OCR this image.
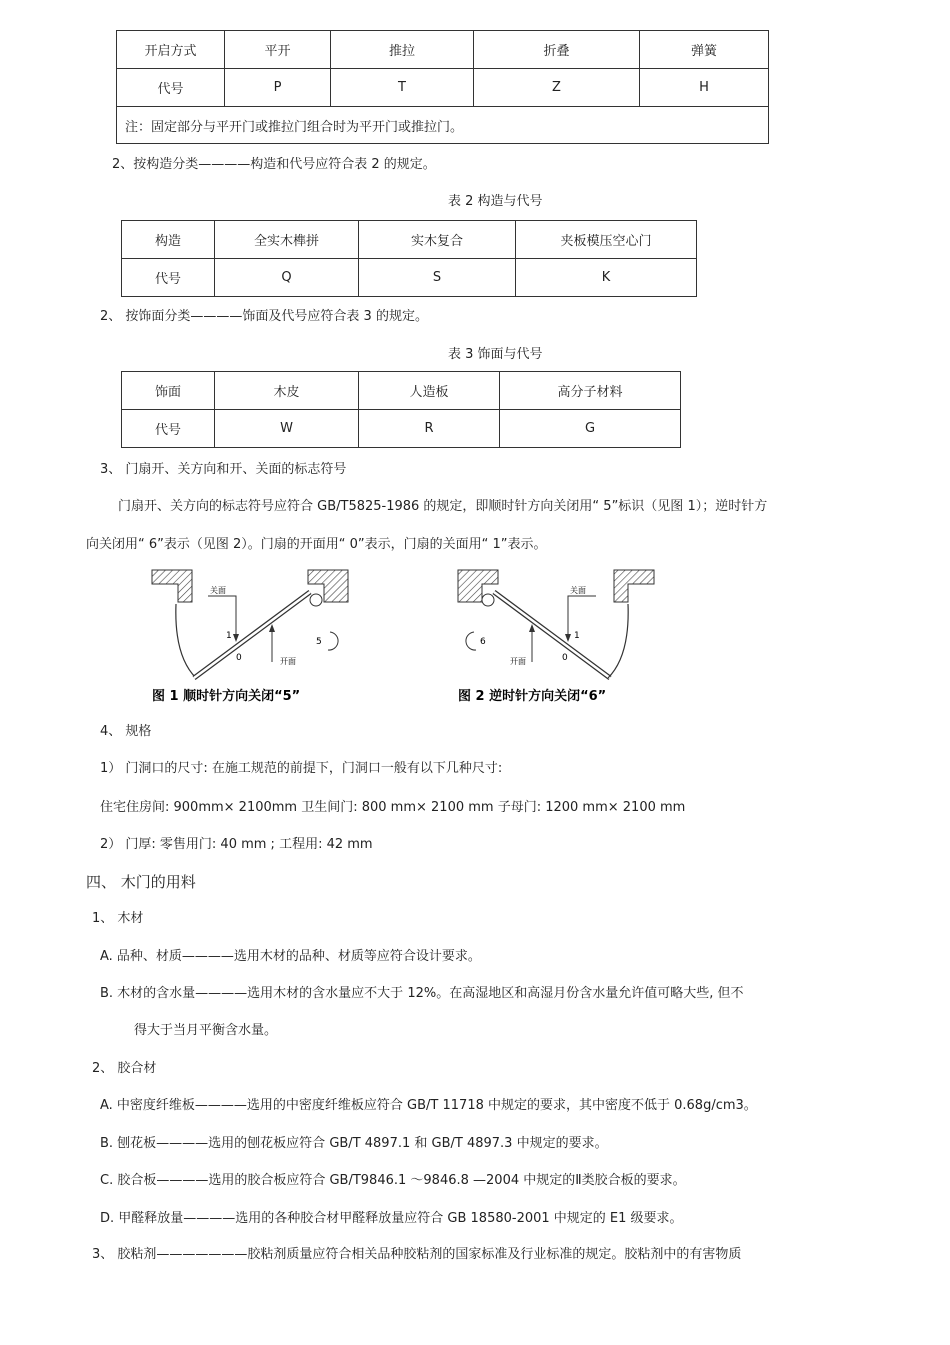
开启方式	平开	推拉	折叠	弹簧
代号	P	T	Z	H
注：固定部分与平开门或推拉门组合时为平开门或推拉门。				
2、按构造分类————构造和代号应符合表 2 的规定。
表 2 构造与代号
构造	全实木榫拼	实木复合	夹板模压空心门
代号	Q	S	K
2、 按饰面分类————饰面及代号应符合表 3 的规定。
表 3 饰面与代号
饰面	木皮	人造板	高分子材料
代号	W	R	G
3、 门扇开、关方向和开、关面的标志符号
门扇开、关方向的标志符号应符合 GB/T5825-1986 的规定，即顺时针方向关闭用“ 5”标识（见图 1）；逆时针方
向关闭用“ 6”表示（见图 2）。门扇的开面用“ 0”表示，门扇的关面用“ 1”表示。
关面
1
0	开面
5
图 1 顺时针方向关闭“5”
关面
1
0
开面
6
图 2 逆时针方向关闭“6”
4、 规格
1） 门洞口的尺寸: 在施工规范的前提下，门洞口一般有以下几种尺寸:
住宅住房间: 900mm× 2100mm 卫生间门: 800 mm× 2100 mm 子母门: 1200 mm× 2100 mm
2） 门厚: 零售用门: 40 mm ; 工程用: 42 mm
四、 木门的用料
1、 木材
A. 品种、材质————选用木材的品种、材质等应符合设计要求。
B. 木材的含水量————选用木材的含水量应不大于 12%。在高湿地区和高湿月份含水量允许值可略大些, 但不
得大于当月平衡含水量。
2、 胶合材
A. 中密度纤维板————选用的中密度纤维板应符合 GB/T 11718 中规定的要求，其中密度不低于 0.68g/cm3。
B. 刨花板————选用的刨花板应符合 GB/T 4897.1 和 GB/T 4897.3 中规定的要求。
C. 胶合板————选用的胶合板应符合 GB/T9846.1 ～9846.8 —2004 中规定的Ⅱ类胶合板的要求。
D. 甲醛释放量————选用的各种胶合材甲醛释放量应符合 GB 18580-2001 中规定的 E1 级要求。
3、 胶粘剂———————胶粘剂质量应符合相关品种胶粘剂的国家标准及行业标准的规定。胶粘剂中的有害物质
